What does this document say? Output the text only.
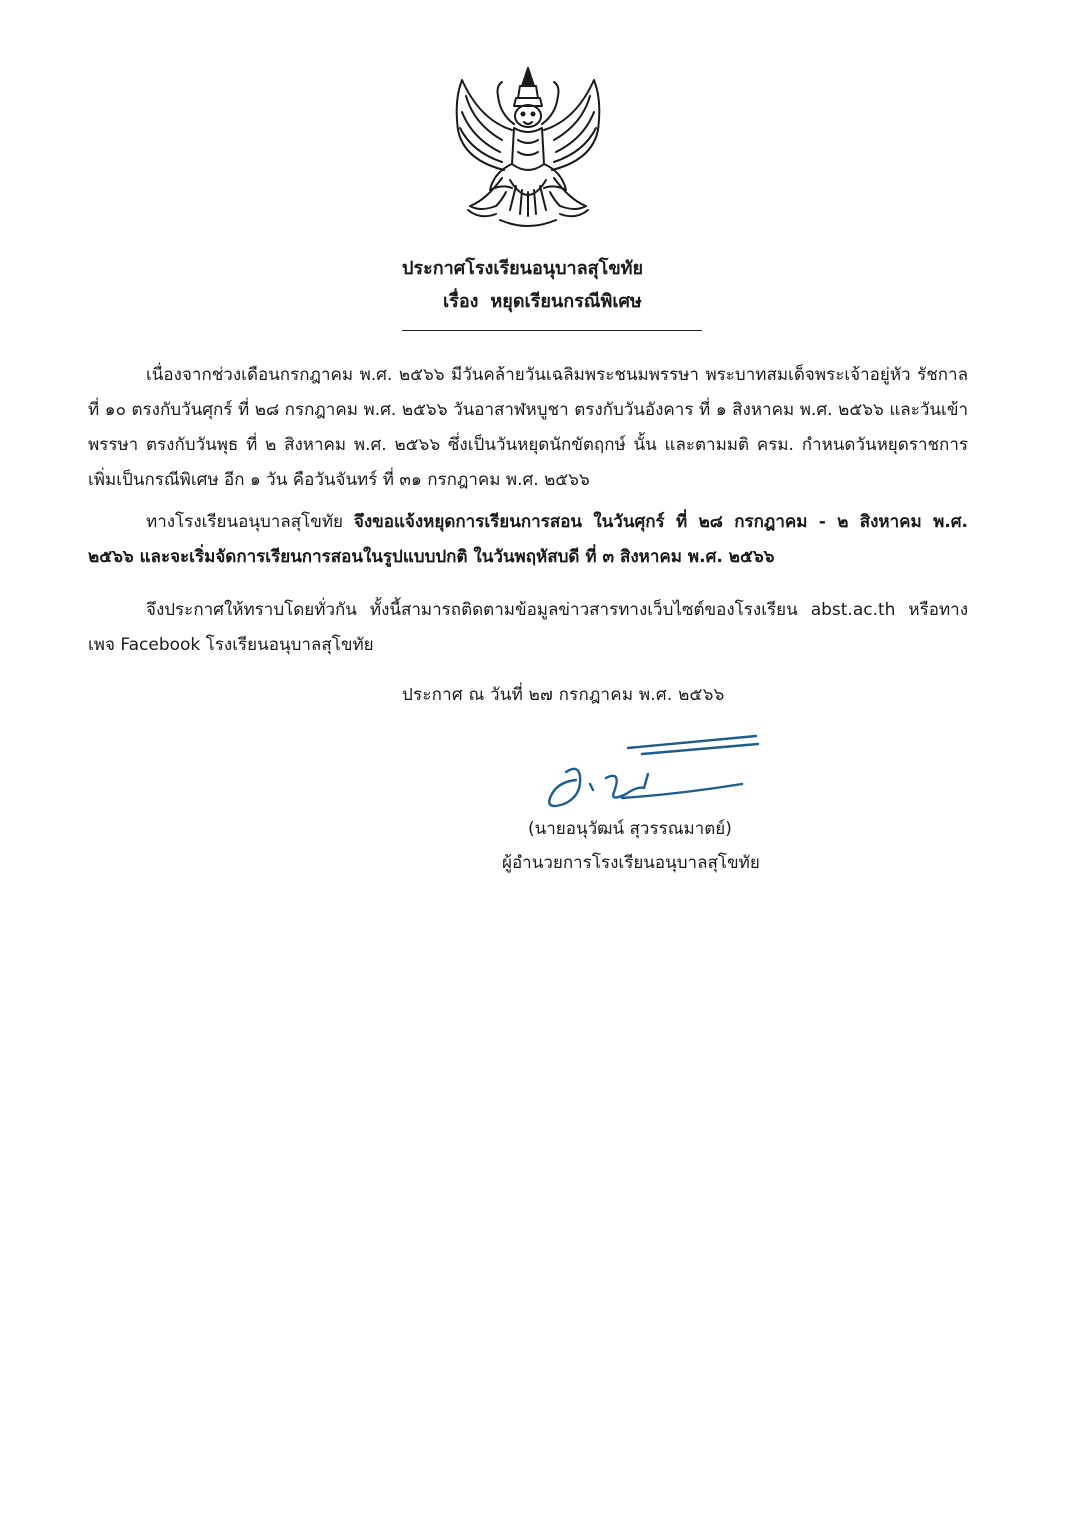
ประกาศโรงเรียนอนุบาลสุโขทัย
เรื่อง หยุดเรียนกรณีพิเศษ

เนื่องจากช่วงเดือนกรกฎาคม พ.ศ. ๒๕๖๖ มีวันคล้ายวันเฉลิมพระชนมพรรษา พระบาทสมเด็จพระเจ้าอยู่หัว รัชกาลที่ ๑๐ ตรงกับวันศุกร์ ที่ ๒๘ กรกฎาคม พ.ศ. ๒๕๖๖ วันอาสาฬหบูชา ตรงกับวันอังคาร ที่ ๑ สิงหาคม พ.ศ. ๒๕๖๖ และวันเข้าพรรษา ตรงกับวันพุธ ที่ ๒ สิงหาคม พ.ศ. ๒๕๖๖ ซึ่งเป็นวันหยุดนักขัตฤกษ์ นั้น และตามมติ ครม. กำหนดวันหยุดราชการเพิ่มเป็นกรณีพิเศษ อีก ๑ วัน คือวันจันทร์ ที่ ๓๑ กรกฎาคม พ.ศ. ๒๕๖๖

ทางโรงเรียนอนุบาลสุโขทัย จึงขอแจ้งหยุดการเรียนการสอน ในวันศุกร์ ที่ ๒๘ กรกฎาคม - ๒ สิงหาคม พ.ศ. ๒๕๖๖ และจะเริ่มจัดการเรียนการสอนในรูปแบบปกติ ในวันพฤหัสบดี ที่ ๓ สิงหาคม พ.ศ. ๒๕๖๖

จึงประกาศให้ทราบโดยทั่วกัน ทั้งนี้สามารถติดตามข้อมูลข่าวสารทางเว็บไซต์ของโรงเรียน abst.ac.th หรือทางเพจ Facebook โรงเรียนอนุบาลสุโขทัย

ประกาศ ณ วันที่ ๒๗ กรกฎาคม พ.ศ. ๒๕๖๖
(นายอนุวัฒน์ สุวรรณมาตย์)
ผู้อำนวยการโรงเรียนอนุบาลสุโขทัย
